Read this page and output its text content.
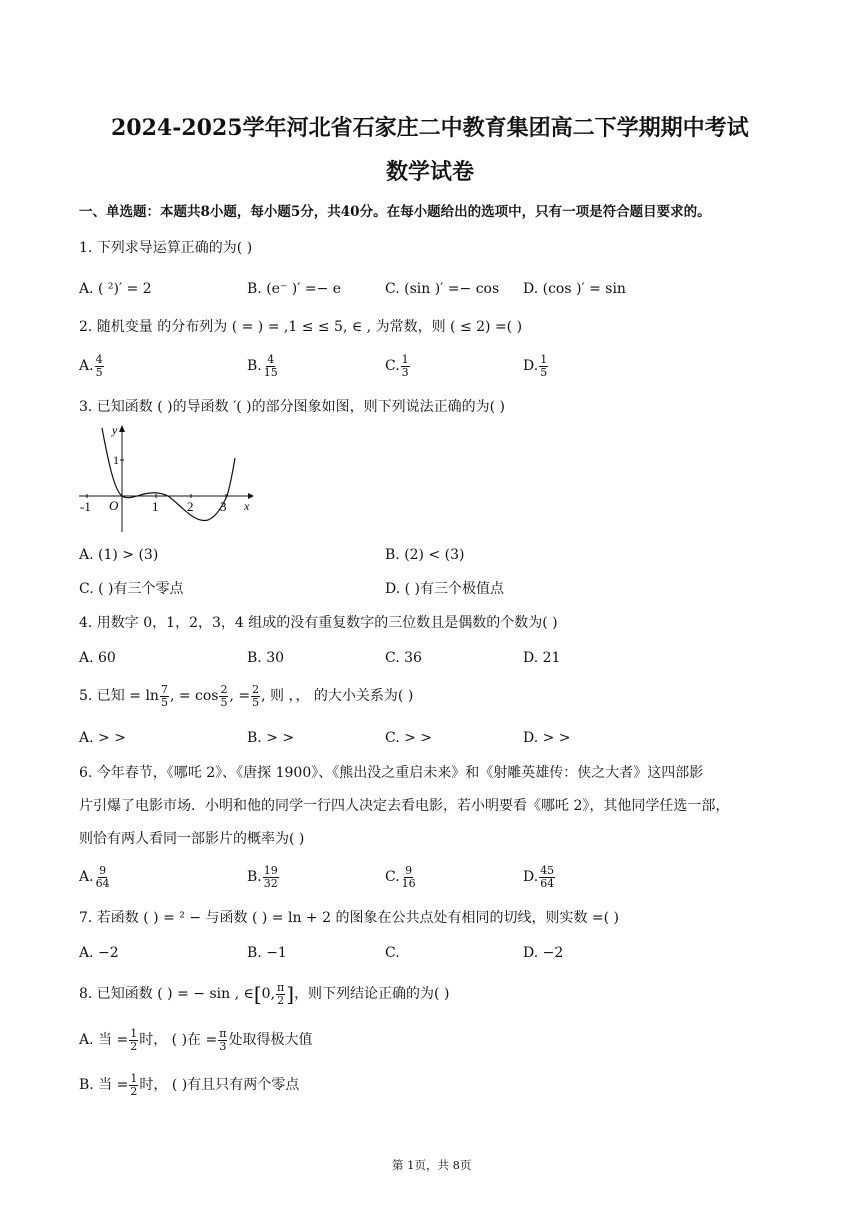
2024-2025学年河北省石家庄二中教育集团高二下学期期中考试
数学试卷
一、单选题：本题共8小题，每小题5分，共40分。在每小题给出的选项中，只有一项是符合题目要求的。
1. 下列求导运算正确的为( )
A. ( ²)′ = 2	B. (e⁻ )′ =− e	C. (sin )′ =− cos D. (cos )′ = sin
2. 随机变量 的分布列为 ( = ) = ,1 ≤ ≤ 5, ∈ , 为常数，则 ( ≤ 2) =( )
A. $\frac{4}{5}$	B. $\frac{4}{15}$	C. $\frac{1}{3}$	D. $\frac{1}{5}$
3. 已知函数 ( )的导函数 ′( )的部分图象如图，则下列说法正确的为( )
y
x
O
1
-1	1 2 3
A. (1) > (3)	B. (2) < (3)
C. ( )有三个零点	D. ( )有三个极值点
4. 用数字 0，1，2，3，4 组成的没有重复数字的三位数且是偶数的个数为( )
A. 60	B. 30	C. 36	D. 21
5. 已知 = $\ln \frac{7}{5}$ , = $\cos \frac{2}{5}$ , = $\frac{2}{5}$ , 则 ，， 的大小关系为( )
A. > >	B. > >	C. > >	D. > >
6. 今年春节，《哪吒 2》、《唐探 1900》、《熊出没之重启未来》和《射雕英雄传：侠之大者》这四部影
片引爆了电影市场．小明和他的同学一行四人决定去看电影，若小明要看《哪吒 2》，其他同学任选一部，
则恰有两人看同一部影片的概率为( )
A. $\frac{9}{64}$	B. $\frac{19}{32}$	C. $\frac{9}{16}$	D. $\frac{45}{64}$
7. 若函数 ( ) = ² − 与函数 ( ) = ln + 2 的图象在公共点处有相同的切线，则实数 =( )
A. −2	B. −1	C.	D. −2
8. 已知函数 ( ) = − sin , ∈[0, $\frac{\pi}{2}$ ]，则下列结论正确的为( )
A. 当 = $\frac{1}{2}$ 时， ( )在 = $\frac{\pi}{3}$ 处取得极大值
B. 当 = $\frac{1}{2}$ 时， ( )有且只有两个零点
第 1页，共 8页
